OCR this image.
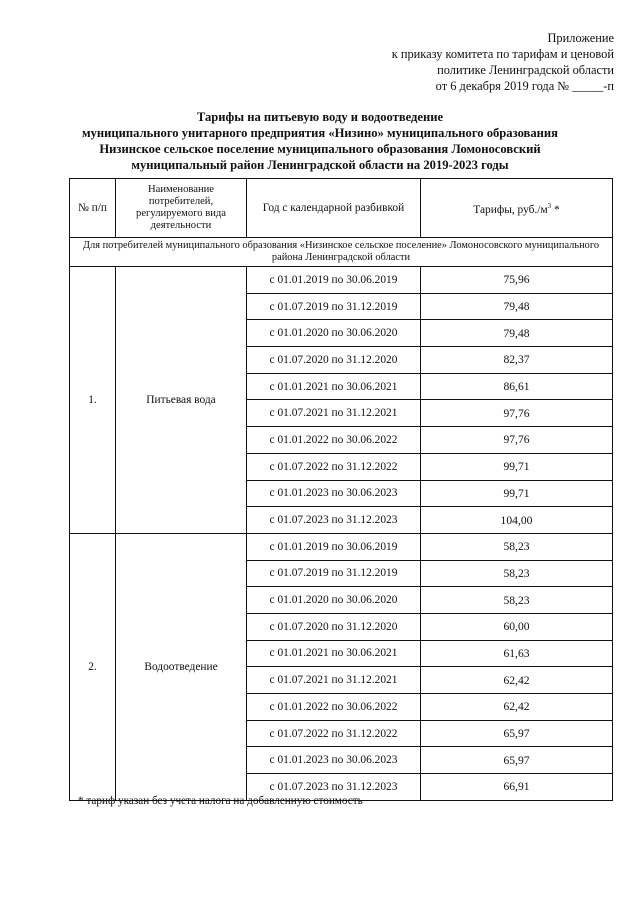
Приложение
к приказу комитета по тарифам и ценовой
политике Ленинградской области
от 6 декабря 2019 года № _____-п
Тарифы на питьевую воду и водоотведение
муниципального унитарного предприятия «Низино» муниципального образования
Низинское сельское поселение муниципального образования Ломоносовский
муниципальный район Ленинградской области на 2019-2023 годы
№ п/п	Наименование потребителей, регулируемого вида деятельности	Год с календарной разбивкой	Тарифы, $руб./м^3$ *
Для потребителей муниципального образования «Низинское сельское поселение» Ломоносовского муниципального района Ленинградской области			
1.	Питьевая вода	с 01.01.2019 по 30.06.2019	75,96
		с 01.07.2019 по 31.12.2019	79,48
		с 01.01.2020 по 30.06.2020	79,48
		с 01.07.2020 по 31.12.2020	82,37
		с 01.01.2021 по 30.06.2021	86,61
		с 01.07.2021 по 31.12.2021	97,76
		с 01.01.2022 по 30.06.2022	97,76
		с 01.07.2022 по 31.12.2022	99,71
		с 01.01.2023 по 30.06.2023	99,71
		с 01.07.2023 по 31.12.2023	104,00
2.	Водоотведение	с 01.01.2019 по 30.06.2019	58,23
		с 01.07.2019 по 31.12.2019	58,23
		с 01.01.2020 по 30.06.2020	58,23
		с 01.07.2020 по 31.12.2020	60,00
		с 01.01.2021 по 30.06.2021	61,63
		с 01.07.2021 по 31.12.2021	62,42
		с 01.01.2022 по 30.06.2022	62,42
		с 01.07.2022 по 31.12.2022	65,97
		с 01.01.2023 по 30.06.2023	65,97
		с 01.07.2023 по 31.12.2023	66,91
* тариф указан без учета налога на добавленную стоимость
